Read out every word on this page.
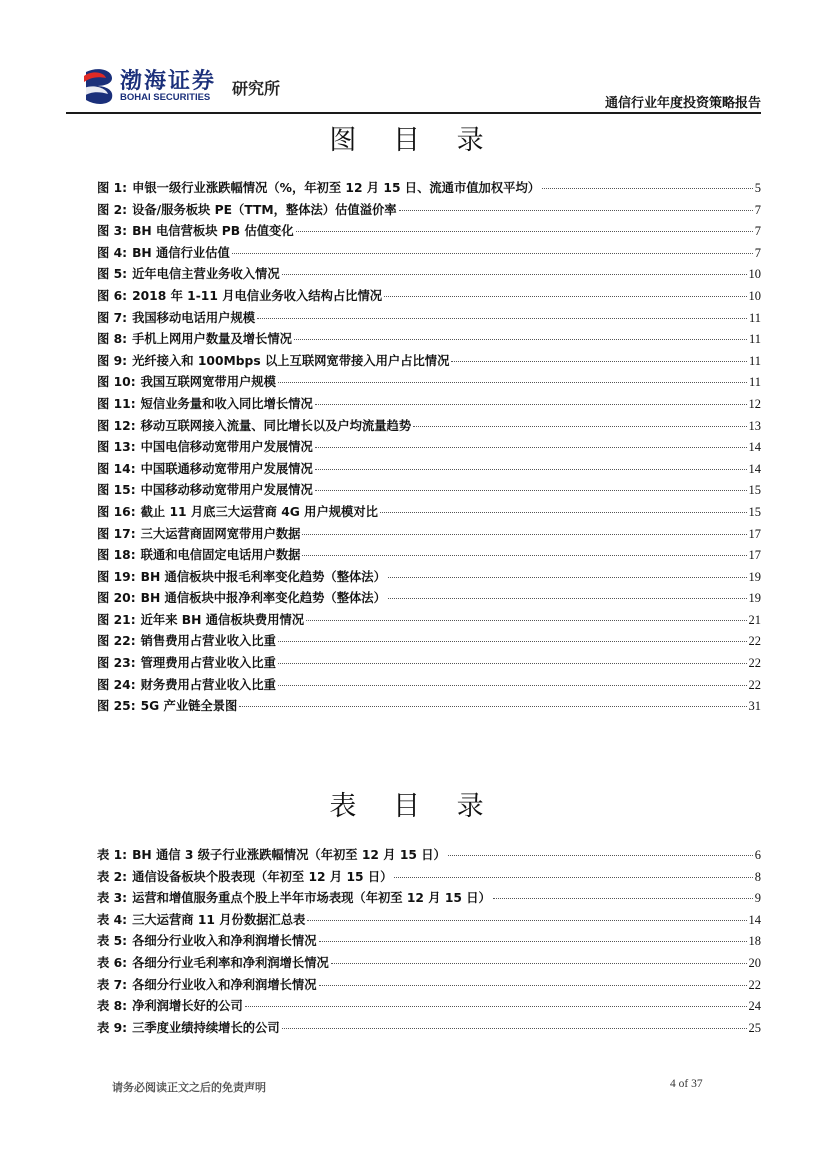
渤海证券
BOHAI SECURITIES 研究所
通信行业年度投资策略报告
图 目 录
图 1: 申银一级行业涨跌幅情况（%，年初至 12 月 15 日、流通市值加权平均）	5
图 2: 设备/服务板块 PE（TTM，整体法）估值溢价率	7
图 3: BH 电信营板块 PB 估值变化	7
图 4: BH 通信行业估值	7
图 5: 近年电信主营业务收入情况	10
图 6: 2018 年 1-11 月电信业务收入结构占比情况	10
图 7: 我国移动电话用户规模	11
图 8: 手机上网用户数量及增长情况	11
图 9: 光纤接入和 100Mbps 以上互联网宽带接入用户占比情况	11
图 10: 我国互联网宽带用户规模	11
图 11: 短信业务量和收入同比增长情况	12
图 12: 移动互联网接入流量、同比增长以及户均流量趋势	13
图 13: 中国电信移动宽带用户发展情况	14
图 14: 中国联通移动宽带用户发展情况	14
图 15: 中国移动移动宽带用户发展情况	15
图 16: 截止 11 月底三大运营商 4G 用户规模对比	15
图 17: 三大运营商固网宽带用户数据	17
图 18: 联通和电信固定电话用户数据	17
图 19: BH 通信板块中报毛利率变化趋势（整体法）	19
图 20: BH 通信板块中报净利率变化趋势（整体法）	19
图 21: 近年来 BH 通信板块费用情况	21
图 22: 销售费用占营业收入比重	22
图 23: 管理费用占营业收入比重	22
图 24: 财务费用占营业收入比重	22
图 25: 5G 产业链全景图	31
表 目 录
表 1: BH 通信 3 级子行业涨跌幅情况（年初至 12 月 15 日）	6
表 2: 通信设备板块个股表现（年初至 12 月 15 日）	8
表 3: 运营和增值服务重点个股上半年市场表现（年初至 12 月 15 日）	9
表 4: 三大运营商 11 月份数据汇总表	14
表 5: 各细分行业收入和净利润增长情况	18
表 6: 各细分行业毛利率和净利润增长情况	20
表 7: 各细分行业收入和净利润增长情况	22
表 8: 净利润增长好的公司	24
表 9: 三季度业绩持续增长的公司	25
请务必阅读正文之后的免责声明	4 of 37
